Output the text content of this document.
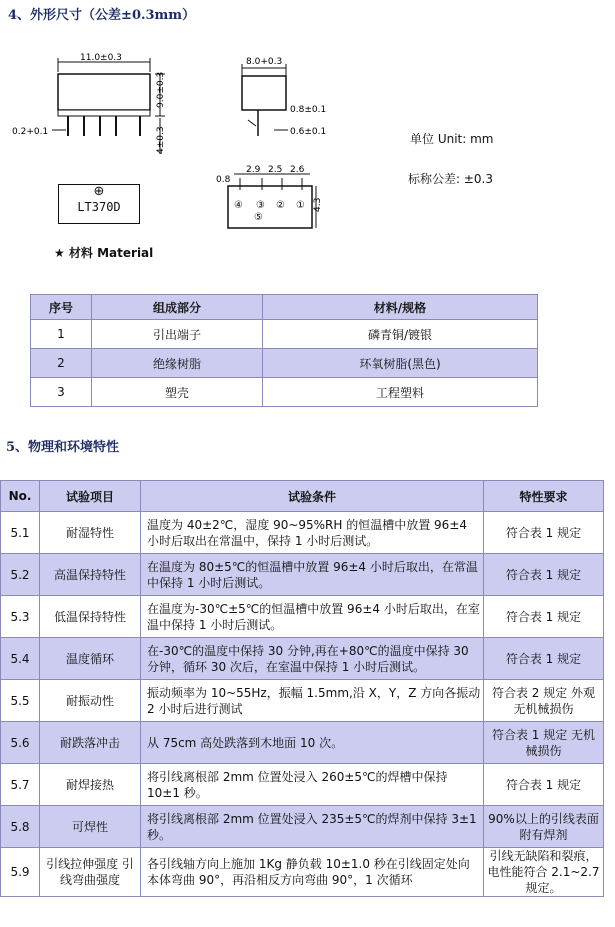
4、外形尺寸（公差±0.3mm）
11.0±0.3
9.0±0.3
4±0.3
0.2+0.1
8.0+0.3
0.8±0.1
0.6±0.1
2.9 2.5 2.6
0.8
④ ③ ② ①
⑤
4.3
⊕
LT370D
单位 Unit: mm
标称公差: ±0.3
★ 材料 Material
序号	组成部分	材料/规格
1	引出端子	磷青铜/镀银
2	绝缘树脂	环氧树脂(黑色)
3	塑壳	工程塑料
5、物理和环境特性
No.	试验项目	试验条件	特性要求
5.1	耐湿特性	温度为 40±2℃，湿度 90~95%RH 的恒温槽中放置 96±4 小时后取出在常温中，保持 1 小时后测试。	符合表 1 规定
5.2	高温保持特性	在温度为 80±5℃的恒温槽中放置 96±4 小时后取出，在常温中保持 1 小时后测试。	符合表 1 规定
5.3	低温保持特性	在温度为-30℃±5℃的恒温槽中放置 96±4 小时后取出，在室温中保持 1 小时后测试。	符合表 1 规定
5.4	温度循环	在-30℃的温度中保持 30 分钟,再在+80℃的温度中保持 30 分钟，循环 30 次后，在室温中保持 1 小时后测试。	符合表 1 规定
5.5	耐振动性	振动频率为 10~55Hz，振幅 1.5mm,沿 X，Y，Z 方向各振动 2 小时后进行测试	符合表 2 规定 外观无机械损伤
5.6	耐跌落冲击	从 75cm 高处跌落到木地面 10 次。	符合表 1 规定 无机械损伤
5.7	耐焊接热	将引线离根部 2mm 位置处浸入 260±5℃的焊槽中保持 10±1 秒。	符合表 1 规定
5.8	可焊性	将引线离根部 2mm 位置处浸入 235±5℃的焊剂中保持 3±1 秒。	90%以上的引线表面附有焊剂
5.9	引线拉伸强度 引线弯曲强度	各引线轴方向上施加 1Kg 静负载 10±1.0 秒在引线固定处向本体弯曲 90°，再沿相反方向弯曲 90°，1 次循环	引线无缺陷和裂痕，电性能符合 2.1~2.7 规定。
